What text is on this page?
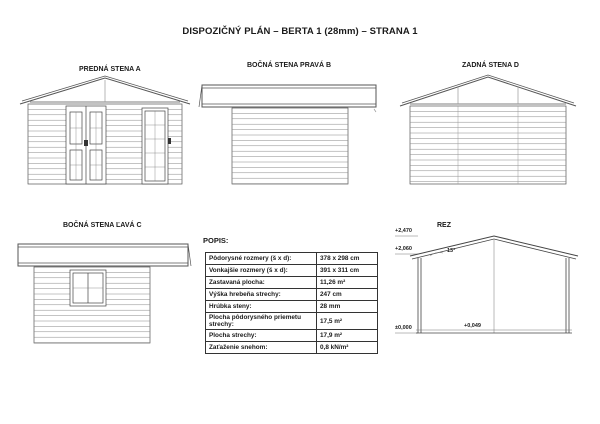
DISPOZIČNÝ PLÁN – BERTA 1 (28mm) – STRANA 1
PREDNÁ STENA A
BOČNÁ STENA PRAVÁ B	ZADNÁ STENA D
BOČNÁ STENA ĽAVÁ C
POPIS:
Pôdorysné rozmery (š x d):	378 x 298 cm
Vonkajšie rozmery (š x d):	391 x 311 cm
Zastavaná plocha:	11,26 m²
Výška hrebeňa strechy:	247 cm
Hrúbka steny:	28 mm
Plocha pôdorysného priemetu strechy:	17,5 m²
Plocha strechy:	17,9 m²
Zaťaženie snehom:	0,8 kN/m²
REZ
+2,470
+2,060
±0,000	+0,049
13°
